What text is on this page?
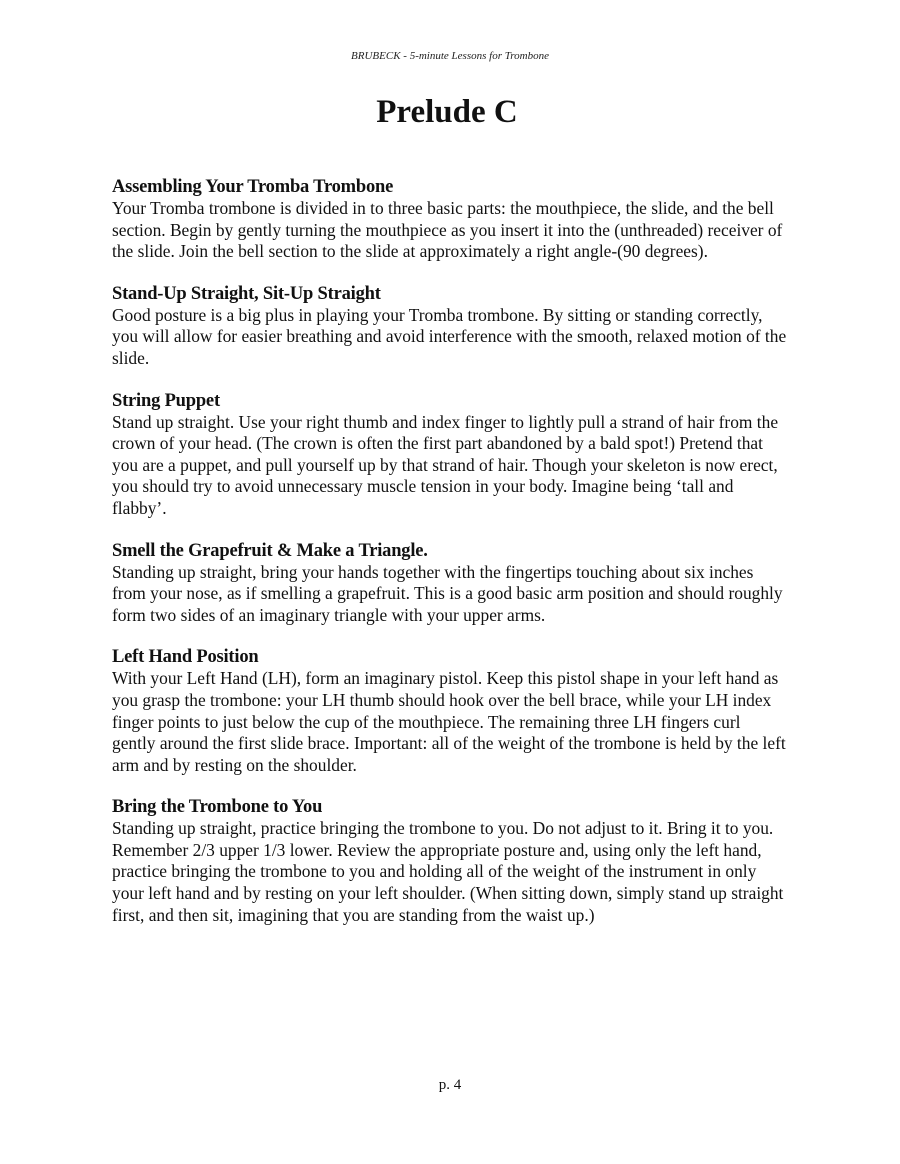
BRUBECK - 5-minute Lessons for Trombone
Prelude C
Assembling Your Tromba Trombone

Your Tromba trombone is divided in to three basic parts: the mouthpiece, the slide, and the bell section. Begin by gently turning the mouthpiece as you insert it into the (unthreaded) receiver of the slide. Join the bell section to the slide at approximately a right angle-(90 degrees).

Stand-Up Straight, Sit-Up Straight

Good posture is a big plus in playing your Tromba trombone. By sitting or standing correctly, you will allow for easier breathing and avoid interference with the smooth, relaxed motion of the slide.

String Puppet

Stand up straight. Use your right thumb and index finger to lightly pull a strand of hair from the crown of your head. (The crown is often the first part abandoned by a bald spot!) Pretend that you are a puppet, and pull yourself up by that strand of hair. Though your skeleton is now erect, you should try to avoid unnecessary muscle tension in your body. Imagine being ‘tall and flabby’.

Smell the Grapefruit & Make a Triangle.

Standing up straight, bring your hands together with the fingertips touching about six inches from your nose, as if smelling a grapefruit. This is a good basic arm position and should roughly form two sides of an imaginary triangle with your upper arms.

Left Hand Position

With your Left Hand (LH), form an imaginary pistol. Keep this pistol shape in your left hand as you grasp the trombone: your LH thumb should hook over the bell brace, while your LH index finger points to just below the cup of the mouthpiece. The remaining three LH fingers curl gently around the first slide brace. Important: all of the weight of the trombone is held by the left arm and by resting on the shoulder.

Bring the Trombone to You

Standing up straight, practice bringing the trombone to you. Do not adjust to it. Bring it to you. Remember 2/3 upper 1/3 lower. Review the appropriate posture and, using only the left hand, practice bringing the trombone to you and holding all of the weight of the instrument in only your left hand and by resting on your left shoulder. (When sitting down, simply stand up straight first, and then sit, imagining that you are standing from the waist up.)

p. 4
